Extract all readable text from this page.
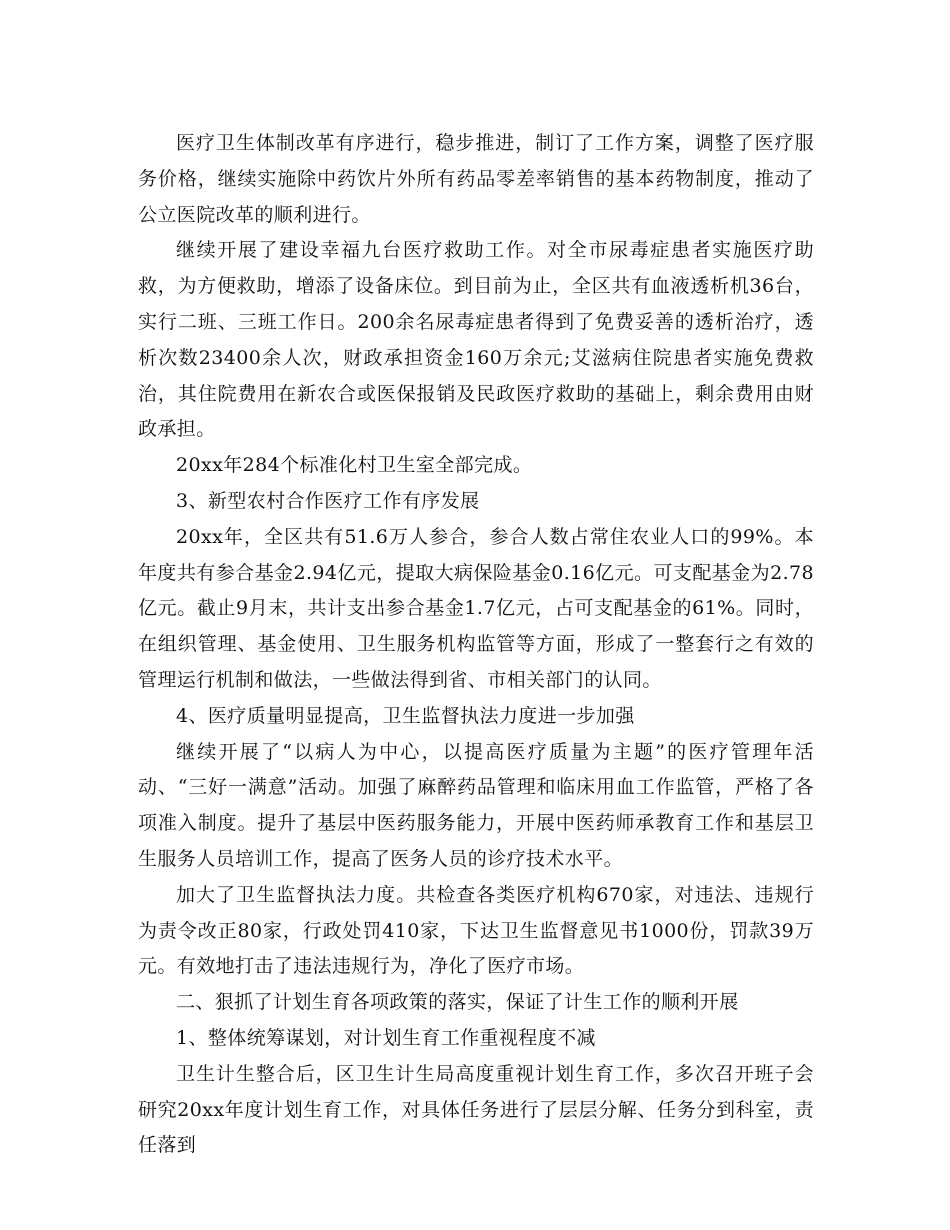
医疗卫生体制改革有序进行，稳步推进，制订了工作方案，调整了医疗服务价格，继续实施除中药饮片外所有药品零差率销售的基本药物制度，推动了公立医院改革的顺利进行。

继续开展了建设幸福九台医疗救助工作。对全市尿毒症患者实施医疗助救，为方便救助，增添了设备床位。到目前为止，全区共有血液透析机36台，实行二班、三班工作日。200余名尿毒症患者得到了免费妥善的透析治疗，透析次数23400余人次，财政承担资金160万余元;艾滋病住院患者实施免费救治，其住院费用在新农合或医保报销及民政医疗救助的基础上，剩余费用由财政承担。

20xx年284个标准化村卫生室全部完成。

3、新型农村合作医疗工作有序发展

20xx年，全区共有51.6万人参合，参合人数占常住农业人口的99%。本年度共有参合基金2.94亿元，提取大病保险基金0.16亿元。可支配基金为2.78亿元。截止9月末，共计支出参合基金1.7亿元，占可支配基金的61%。同时，在组织管理、基金使用、卫生服务机构监管等方面，形成了一整套行之有效的管理运行机制和做法，一些做法得到省、市相关部门的认同。

4、医疗质量明显提高，卫生监督执法力度进一步加强

继续开展了“以病人为中心，以提高医疗质量为主题”的医疗管理年活动、“三好一满意”活动。加强了麻醉药品管理和临床用血工作监管，严格了各项准入制度。提升了基层中医药服务能力，开展中医药师承教育工作和基层卫生服务人员培训工作，提高了医务人员的诊疗技术水平。

加大了卫生监督执法力度。共检查各类医疗机构670家，对违法、违规行为责令改正80家，行政处罚410家，下达卫生监督意见书1000份，罚款39万元。有效地打击了违法违规行为，净化了医疗市场。

二、狠抓了计划生育各项政策的落实，保证了计生工作的顺利开展

1、整体统筹谋划，对计划生育工作重视程度不减

卫生计生整合后，区卫生计生局高度重视计划生育工作，多次召开班子会研究20xx年度计划生育工作，对具体任务进行了层层分解、任务分到科室，责任落到
